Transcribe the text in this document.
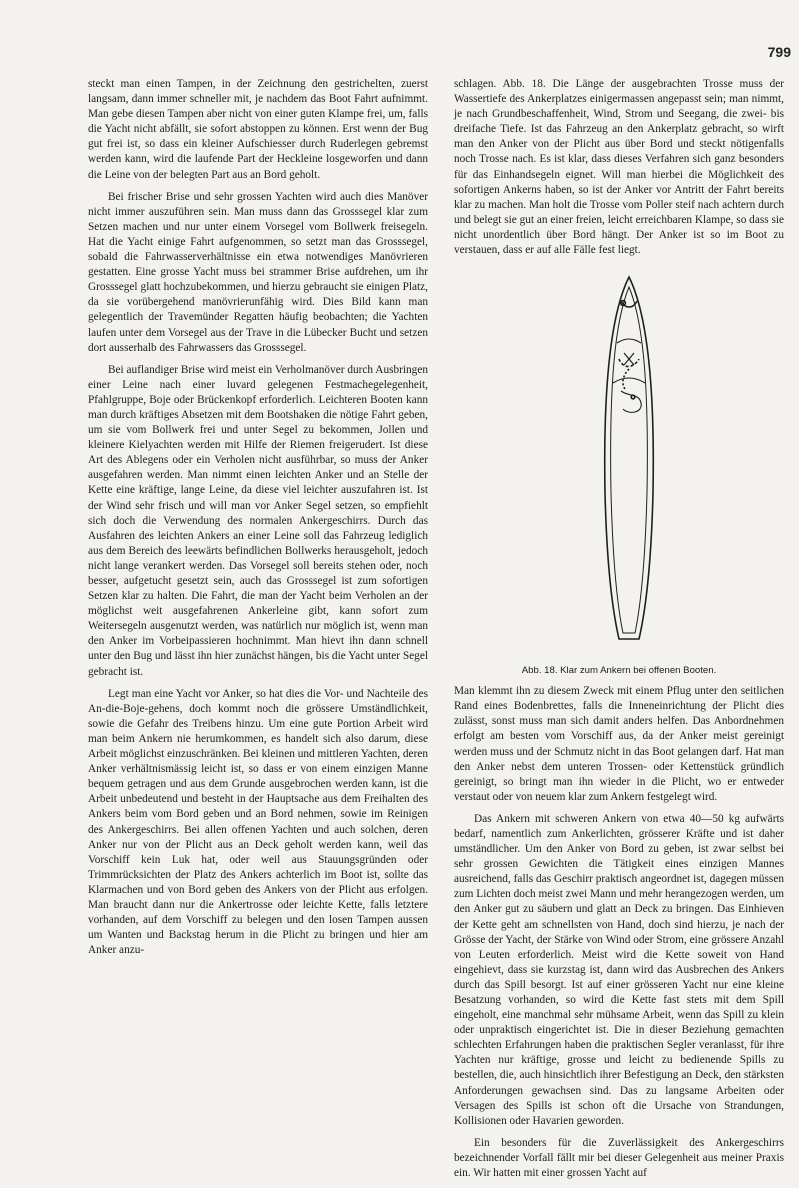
799

steckt man einen Tampen, in der Zeichnung den gestrichelten, zuerst langsam, dann immer schneller mit, je nachdem das Boot Fahrt aufnimmt. Man gebe diesen Tampen aber nicht von einer guten Klampe frei, um, falls die Yacht nicht abfällt, sie sofort abstoppen zu können. Erst wenn der Bug gut frei ist, so dass ein kleiner Aufschiesser durch Ruderlegen gebremst werden kann, wird die laufende Part der Heckleine losgeworfen und dann die Leine von der belegten Part aus an Bord geholt.

Bei frischer Brise und sehr grossen Yachten wird auch dies Manöver nicht immer auszuführen sein. Man muss dann das Grosssegel klar zum Setzen machen und nur unter einem Vorsegel vom Bollwerk freisegeln. Hat die Yacht einige Fahrt aufgenommen, so setzt man das Grosssegel, sobald die Fahrwasserverhältnisse ein etwa notwendiges Manövrieren gestatten. Eine grosse Yacht muss bei strammer Brise aufdrehen, um ihr Grosssegel glatt hochzubekommen, und hierzu gebraucht sie einigen Platz, da sie vorübergehend manövrierunfähig wird. Dies Bild kann man gelegentlich der Travemünder Regatten häufig beobachten; die Yachten laufen unter dem Vorsegel aus der Trave in die Lübecker Bucht und setzen dort ausserhalb des Fahrwassers das Grosssegel.

Bei auflandiger Brise wird meist ein Verholmanöver durch Ausbringen einer Leine nach einer luvard gelegenen Festmachegelegenheit, Pfahlgruppe, Boje oder Brückenkopf erforderlich. Leichteren Booten kann man durch kräftiges Absetzen mit dem Bootshaken die nötige Fahrt geben, um sie vom Bollwerk frei und unter Segel zu bekommen, Jollen und kleinere Kielyachten werden mit Hilfe der Riemen freigerudert. Ist diese Art des Ablegens oder ein Verholen nicht ausführbar, so muss der Anker ausgefahren werden. Man nimmt einen leichten Anker und an Stelle der Kette eine kräftige, lange Leine, da diese viel leichter auszufahren ist. Ist der Wind sehr frisch und will man vor Anker Segel setzen, so empfiehlt sich doch die Verwendung des normalen Ankergeschirrs. Durch das Ausfahren des leichten Ankers an einer Leine soll das Fahrzeug lediglich aus dem Bereich des leewärts befindlichen Bollwerks herausgeholt, jedoch nicht lange verankert werden. Das Vorsegel soll bereits stehen oder, noch besser, aufgetucht gesetzt sein, auch das Grosssegel ist zum sofortigen Setzen klar zu halten. Die Fahrt, die man der Yacht beim Verholen an der möglichst weit ausgefahrenen Ankerleine gibt, kann sofort zum Weitersegeln ausgenutzt werden, was natürlich nur möglich ist, wenn man den Anker im Vorbeipassieren hochnimmt. Man hievt ihn dann schnell unter den Bug und lässt ihn hier zunächst hängen, bis die Yacht unter Segel gebracht ist.

Legt man eine Yacht vor Anker, so hat dies die Vor- und Nachteile des An-die-Boje-gehens, doch kommt noch die grössere Umständlichkeit, sowie die Gefahr des Treibens hinzu. Um eine gute Portion Arbeit wird man beim Ankern nie herumkommen, es handelt sich also darum, diese Arbeit möglichst einzuschränken. Bei kleinen und mittleren Yachten, deren Anker verhältnismässig leicht ist, so dass er von einem einzigen Manne bequem getragen und aus dem Grunde ausgebrochen werden kann, ist die Arbeit unbedeutend und besteht in der Hauptsache aus dem Freihalten des Ankers beim vom Bord geben und an Bord nehmen, sowie im Reinigen des Ankergeschirrs. Bei allen offenen Yachten und auch solchen, deren Anker nur von der Plicht aus an Deck geholt werden kann, weil das Vorschiff kein Luk hat, oder weil aus Stauungsgründen oder Trimmrücksichten der Platz des Ankers achterlich im Boot ist, sollte das Klarmachen und von Bord geben des Ankers von der Plicht aus erfolgen. Man braucht dann nur die Ankertrosse oder leichte Kette, falls letztere vorhanden, auf dem Vorschiff zu belegen und den losen Tampen aussen um Wanten und Backstag herum in die Plicht zu bringen und hier am Anker anzu-

schlagen. Abb. 18. Die Länge der ausgebrachten Trosse muss der Wassertiefe des Ankerplatzes einigermassen angepasst sein; man nimmt, je nach Grundbeschaffenheit, Wind, Strom und Seegang, die zwei- bis dreifache Tiefe. Ist das Fahrzeug an den Ankerplatz gebracht, so wirft man den Anker von der Plicht aus über Bord und steckt nötigenfalls noch Trosse nach. Es ist klar, dass dieses Verfahren sich ganz besonders für das Einhandsegeln eignet. Will man hierbei die Möglichkeit des sofortigen Ankerns haben, so ist der Anker vor Antritt der Fahrt bereits klar zu machen. Man holt die Trosse vom Poller steif nach achtern durch und belegt sie gut an einer freien, leicht erreichbaren Klampe, so dass sie nicht unordentlich über Bord hängt. Der Anker ist so im Boot zu verstauen, dass er auf alle Fälle fest liegt.

Abb. 18. Klar zum Ankern bei offenen Booten.

Man klemmt ihn zu diesem Zweck mit einem Pflug unter den seitlichen Rand eines Bodenbrettes, falls die Inneneinrichtung der Plicht dies zulässt, sonst muss man sich damit anders helfen. Das Anbordnehmen erfolgt am besten vom Vorschiff aus, da der Anker meist gereinigt werden muss und der Schmutz nicht in das Boot gelangen darf. Hat man den Anker nebst dem unteren Trossen- oder Kettenstück gründlich gereinigt, so bringt man ihn wieder in die Plicht, wo er entweder verstaut oder von neuem klar zum Ankern festgelegt wird.

Das Ankern mit schweren Ankern von etwa 40—50 kg aufwärts bedarf, namentlich zum Ankerlichten, grösserer Kräfte und ist daher umständlicher. Um den Anker von Bord zu geben, ist zwar selbst bei sehr grossen Gewichten die Tätigkeit eines einzigen Mannes ausreichend, falls das Geschirr praktisch angeordnet ist, dagegen müssen zum Lichten doch meist zwei Mann und mehr herangezogen werden, um den Anker gut zu säubern und glatt an Deck zu bringen. Das Einhieven der Kette geht am schnellsten von Hand, doch sind hierzu, je nach der Grösse der Yacht, der Stärke von Wind oder Strom, eine grössere Anzahl von Leuten erforderlich. Meist wird die Kette soweit von Hand eingehievt, dass sie kurzstag ist, dann wird das Ausbrechen des Ankers durch das Spill besorgt. Ist auf einer grösseren Yacht nur eine kleine Besatzung vorhanden, so wird die Kette fast stets mit dem Spill eingeholt, eine manchmal sehr mühsame Arbeit, wenn das Spill zu klein oder unpraktisch eingerichtet ist. Die in dieser Beziehung gemachten schlechten Erfahrungen haben die praktischen Segler veranlasst, für ihre Yachten nur kräftige, grosse und leicht zu bedienende Spills zu bestellen, die, auch hinsichtlich ihrer Befestigung an Deck, den stärksten Anforderungen gewachsen sind. Das zu langsame Arbeiten oder Versagen des Spills ist schon oft die Ursache von Strandungen, Kollisionen oder Havarien geworden.

Ein besonders für die Zuverlässigkeit des Ankergeschirrs bezeichnender Vorfall fällt mir bei dieser Gelegenheit aus meiner Praxis ein. Wir hatten mit einer grossen Yacht auf
